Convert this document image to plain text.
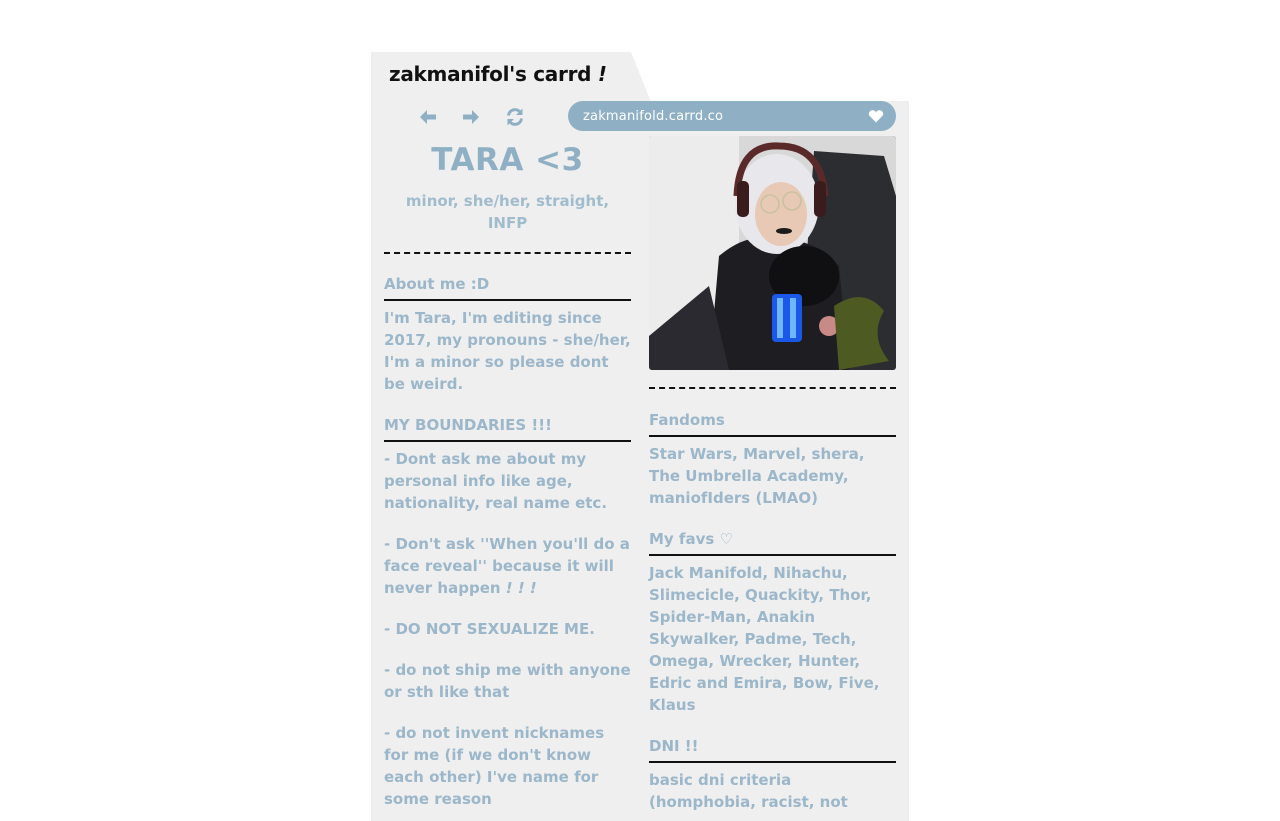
zakmanifol's carrd !
zakmanifold.carrd.co
TARA <3
minor, she/her, straight, INFP
About me :D

I'm Tara, I'm editing since 2017, my pronouns - she/her, I'm a minor so please dont be weird.

MY BOUNDARIES !!!

- Dont ask me about my personal info like age, nationality, real name etc.

- Don't ask ''When you'll do a face reveal'' because it will never happen ! ! !

- DO NOT SEXUALIZE ME.

- do not ship me with anyone or sth like that

- do not invent nicknames for me (if we don't know each other) I've name for some reason

Fandoms

Star Wars, Marvel, shera, The Umbrella Academy, maniofIders (LMAO)

My favs ♡

Jack Manifold, Nihachu, Slimecicle, Quackity, Thor, Spider-Man, Anakin Skywalker, Padme, Tech, Omega, Wrecker, Hunter, Edric and Emira, Bow, Five, Klaus

DNI !!

basic dni criteria (homphobia, racist, not
